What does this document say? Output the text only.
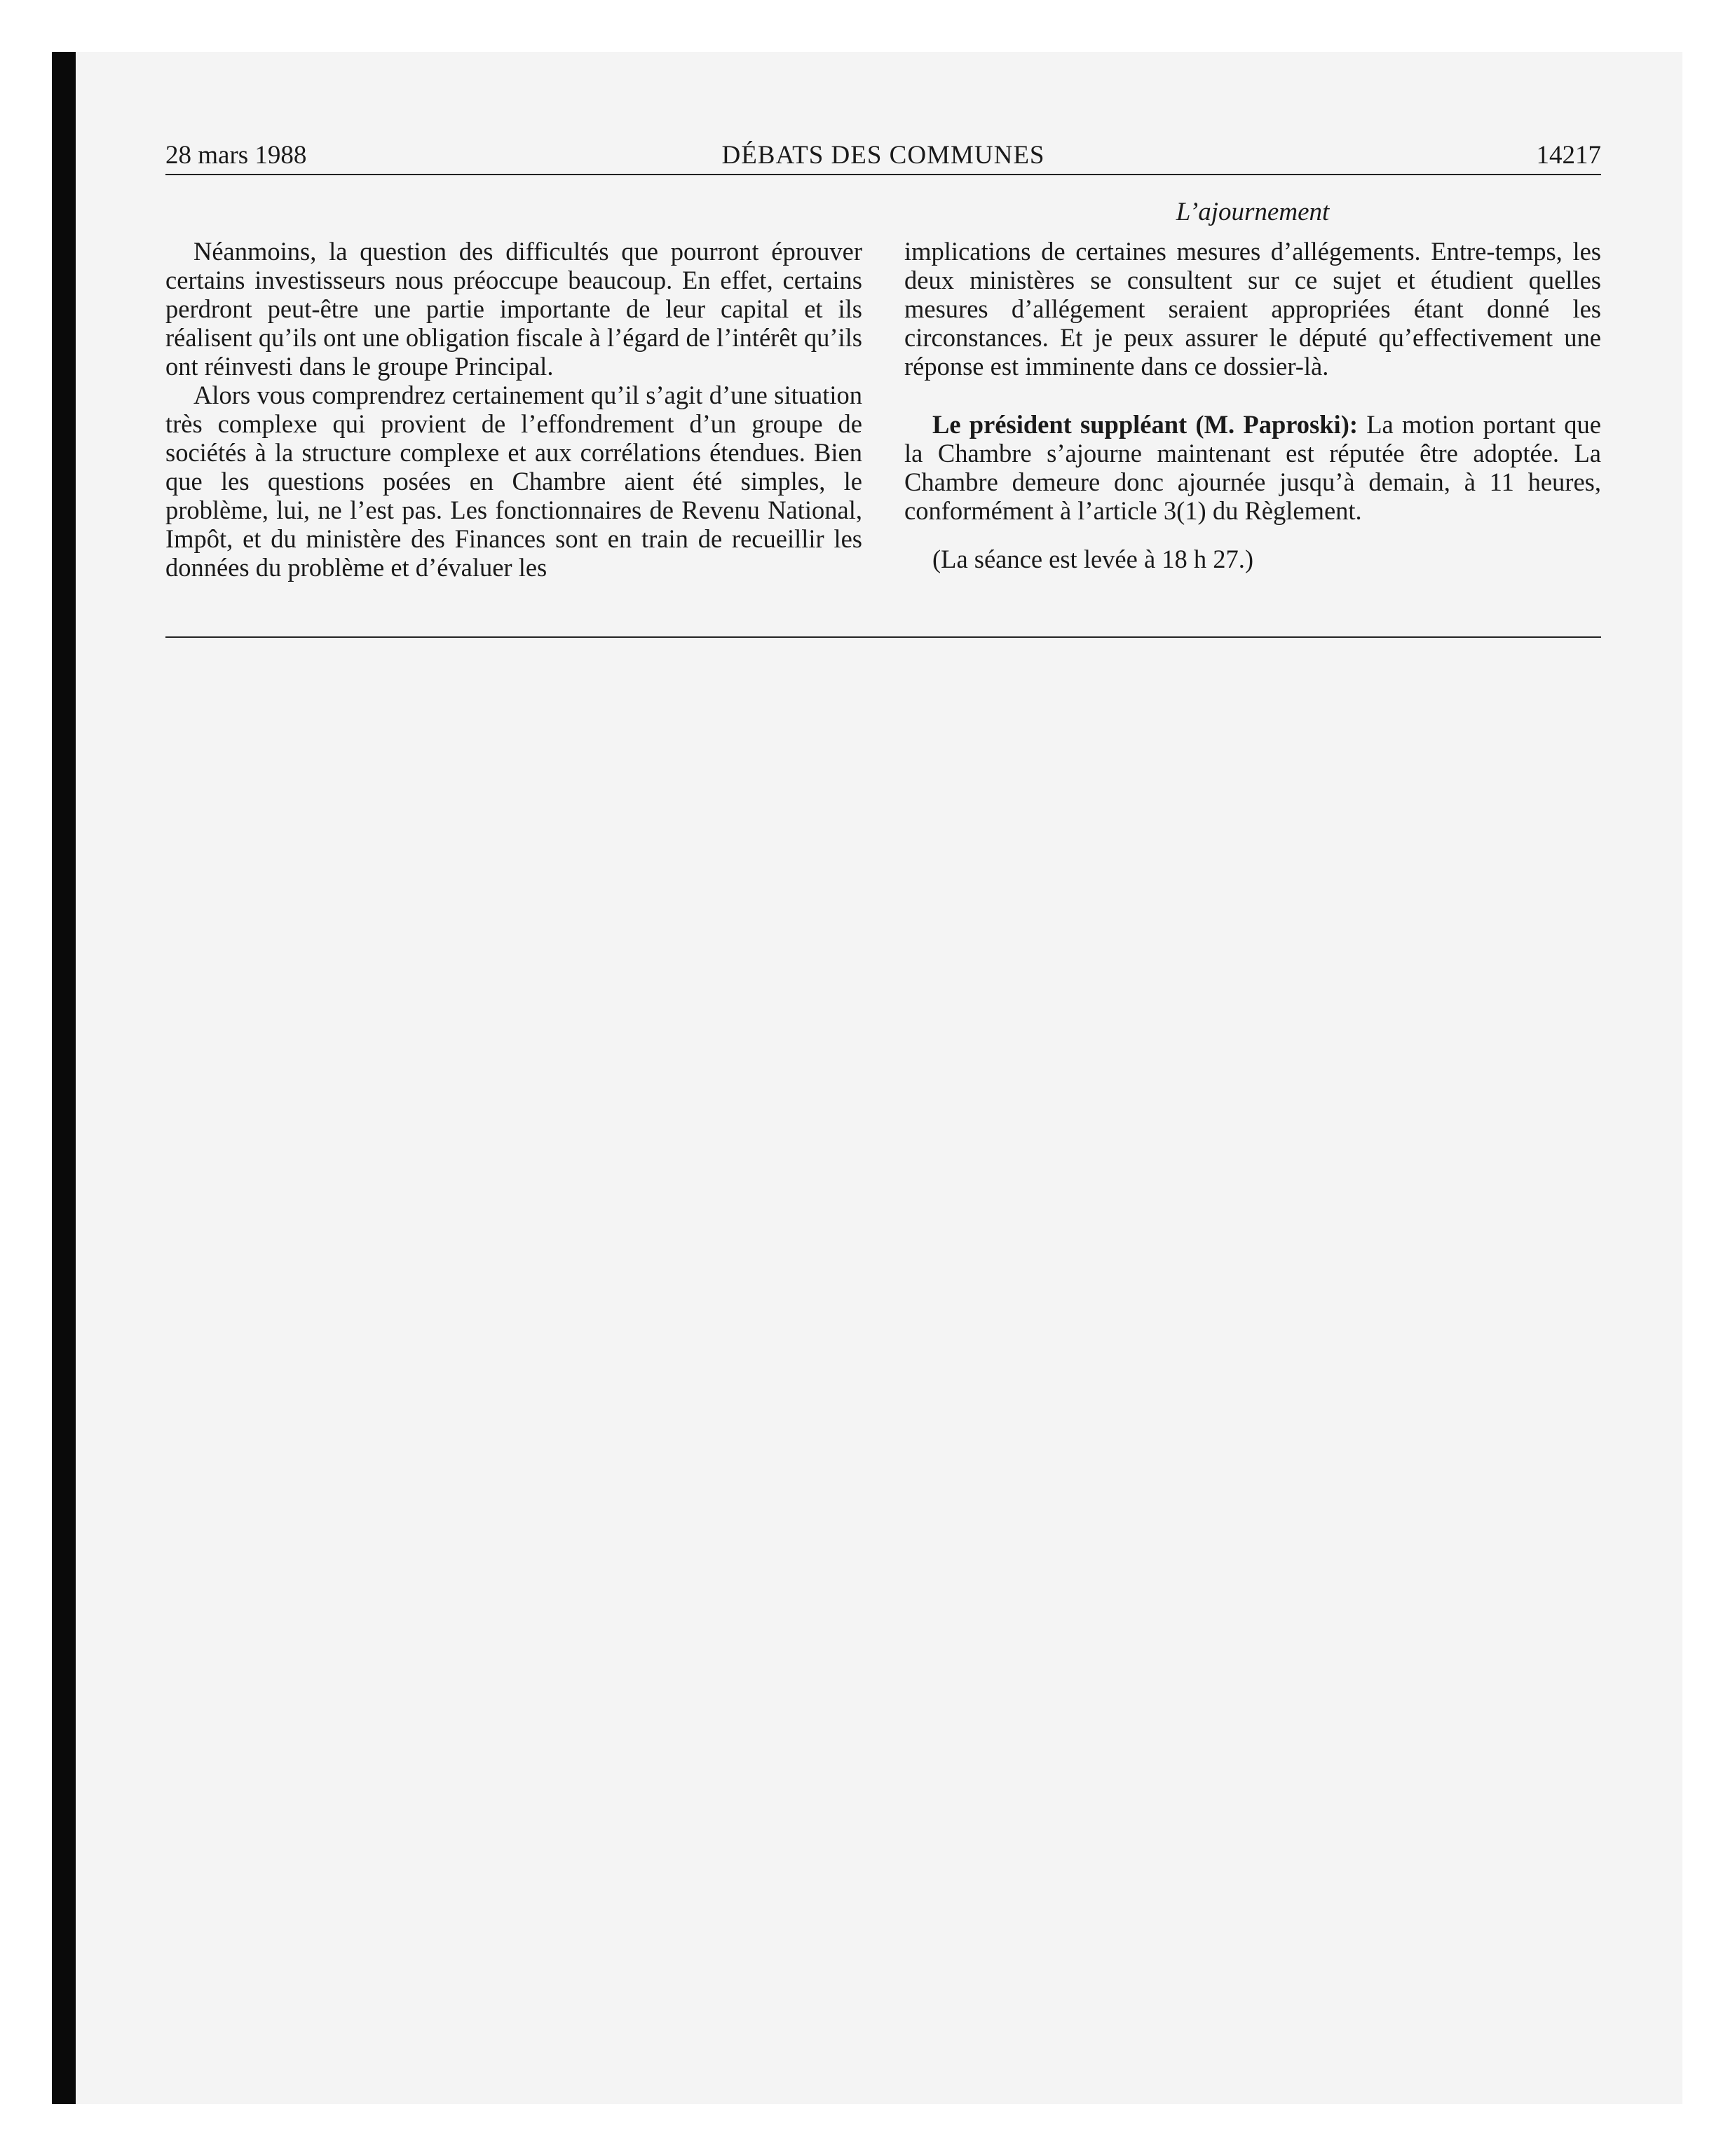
28 mars 1988	DÉBATS DES COMMUNES	14217
L’ajournement

Néanmoins, la question des difficultés que pourront éprouver certains investisseurs nous préoccupe beaucoup. En effet, certains perdront peut-être une partie importante de leur capital et ils réalisent qu’ils ont une obligation fiscale à l’égard de l’intérêt qu’ils ont réinvesti dans le groupe Principal.

Alors vous comprendrez certainement qu’il s’agit d’une situation très complexe qui provient de l’effondrement d’un groupe de sociétés à la structure complexe et aux corrélations étendues. Bien que les questions posées en Chambre aient été simples, le problème, lui, ne l’est pas. Les fonctionnaires de Revenu National, Impôt, et du ministère des Finances sont en train de recueillir les données du problème et d’évaluer les

implications de certaines mesures d’allégements. Entre-temps, les deux ministères se consultent sur ce sujet et étudient quelles mesures d’allégement seraient appropriées étant donné les circonstances. Et je peux assurer le député qu’effectivement une réponse est imminente dans ce dossier-là.

Le président suppléant (M. Paproski): La motion portant que la Chambre s’ajourne maintenant est réputée être adoptée. La Chambre demeure donc ajournée jusqu’à demain, à 11 heures, conformément à l’article 3(1) du Règlement.

(La séance est levée à 18 h 27.)
